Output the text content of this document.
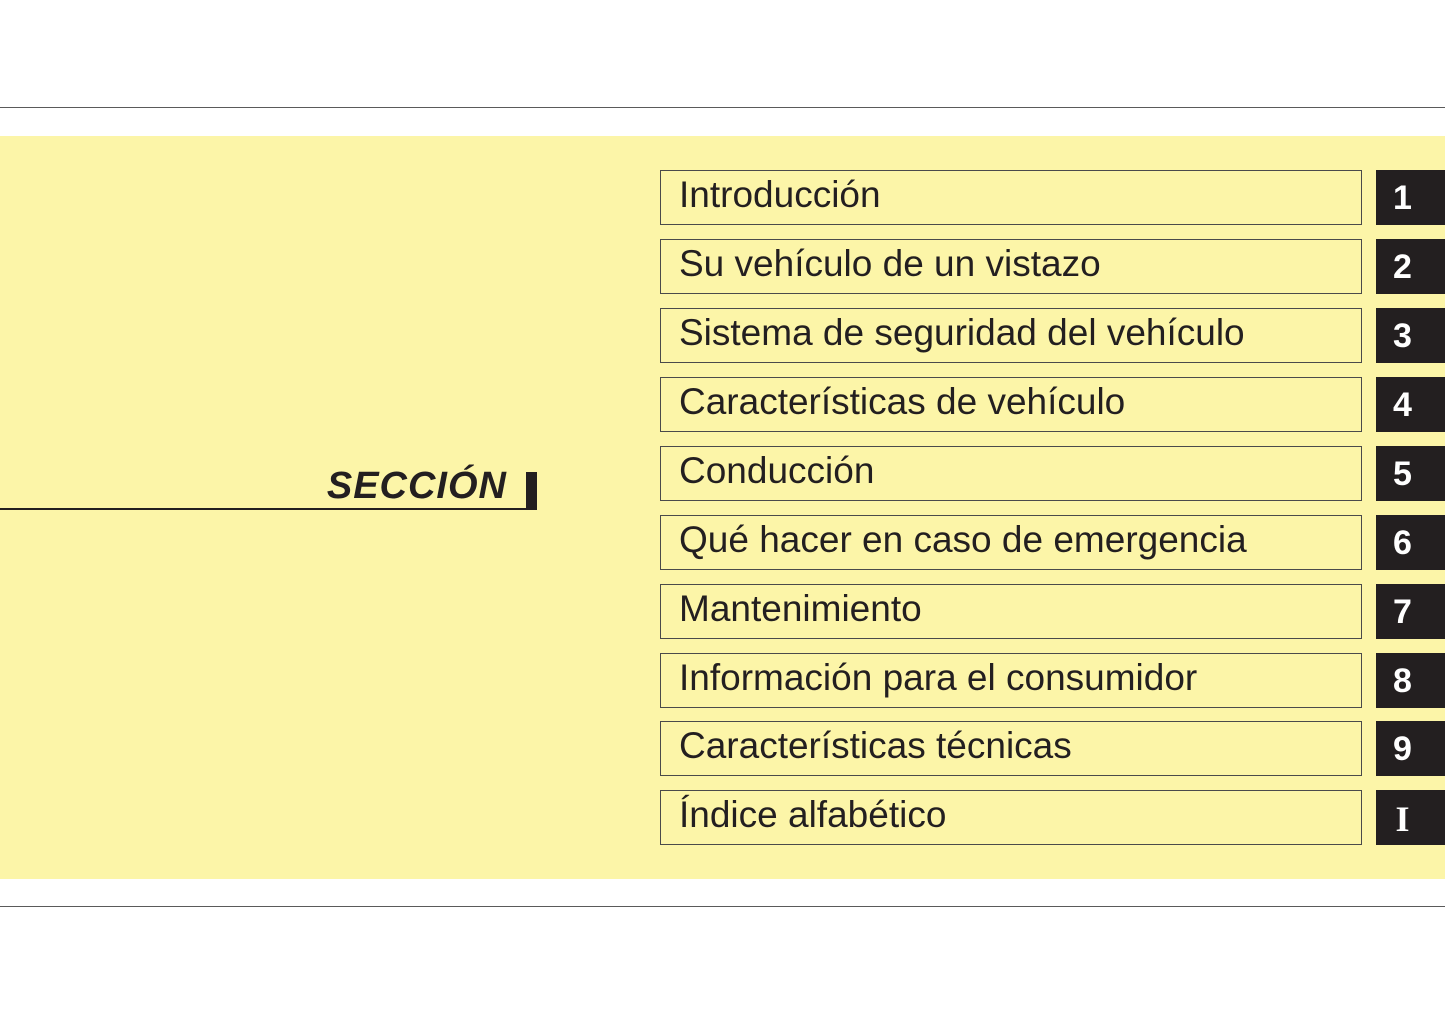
SECCIÓN
Introducción	1
Su vehículo de un vistazo	2
Sistema de seguridad del vehículo	3
Características de vehículo	4
Conducción	5
Qué hacer en caso de emergencia	6
Mantenimiento	7
Información para el consumidor	8
Características técnicas	9
Índice alfabético	I
